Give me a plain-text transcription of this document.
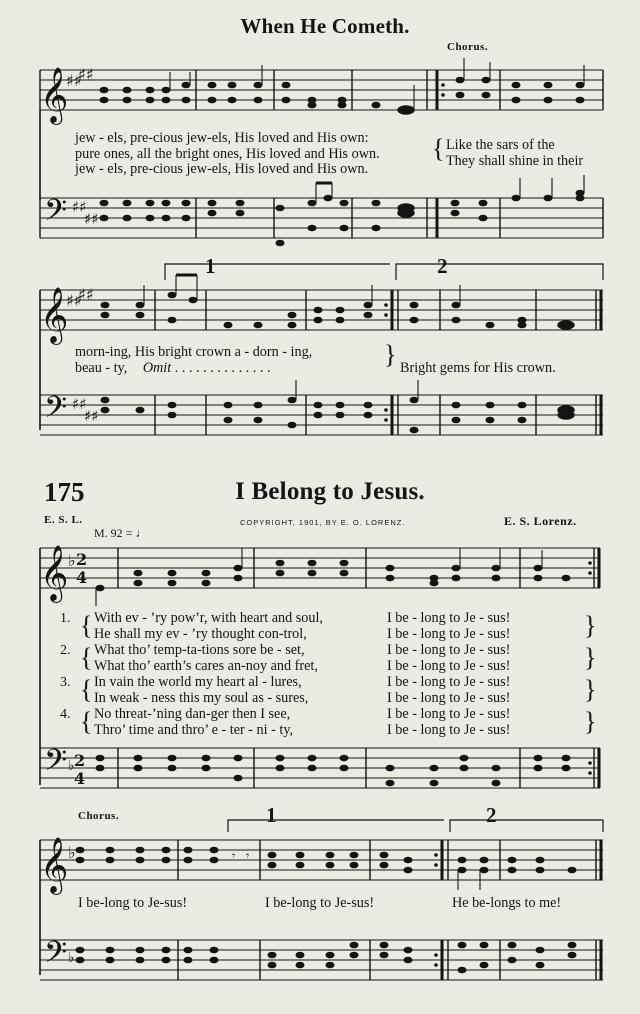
When He Cometh.
Chorus.
𝄞
♯♯
♯♯
𝄢 ♯♯
♯♯
𝄞
♯♯
♯♯
𝄢 ♯♯
♯♯
𝄞 ♭ 2
4
𝄢 ♭ 2
4
𝄞 ♭	𝄾 𝄾
𝄢 ♭
jew - els, pre-cious jew-els, His loved and His own:
pure ones, all the bright ones, His loved and His own.
jew - els, pre-cious jew-els, His loved and His own.
{ Like the sars of the
They shall shine in their
1	2
morn-ing, His bright crown a - dorn - ing,
beau - ty, Omit . . . . . . . . . . . . . .	} Bright gems for His crown.
175	I Belong to Jesus.
E. S. L.
M. 92 = ♩
COPYRIGHT, 1901, BY E. O. LORENZ.	E. S. Lorenz.
1. { With ev - ’ry pow’r, with heart and soul,
He shall my ev - ’ry thought con-trol,
I be - long to Je - sus!
I be - long to Je - sus!	}
2. { What tho’ temp-ta-tions sore be - set,
What tho’ earth’s cares an-noy and fret,
I be - long to Je - sus!
I be - long to Je - sus!	}
3. { In vain the world my heart al - lures,
In weak - ness this my soul as - sures,
I be - long to Je - sus!
I be - long to Je - sus!	}
4. { No threat-’ning dan-ger then I see,
Thro’ time and thro’ e - ter - ni - ty,
I be - long to Je - sus!
I be - long to Je - sus!	}
Chorus.	1	2
I be-long to Je-sus!	I be-long to Je-sus!	He be-longs to me!
